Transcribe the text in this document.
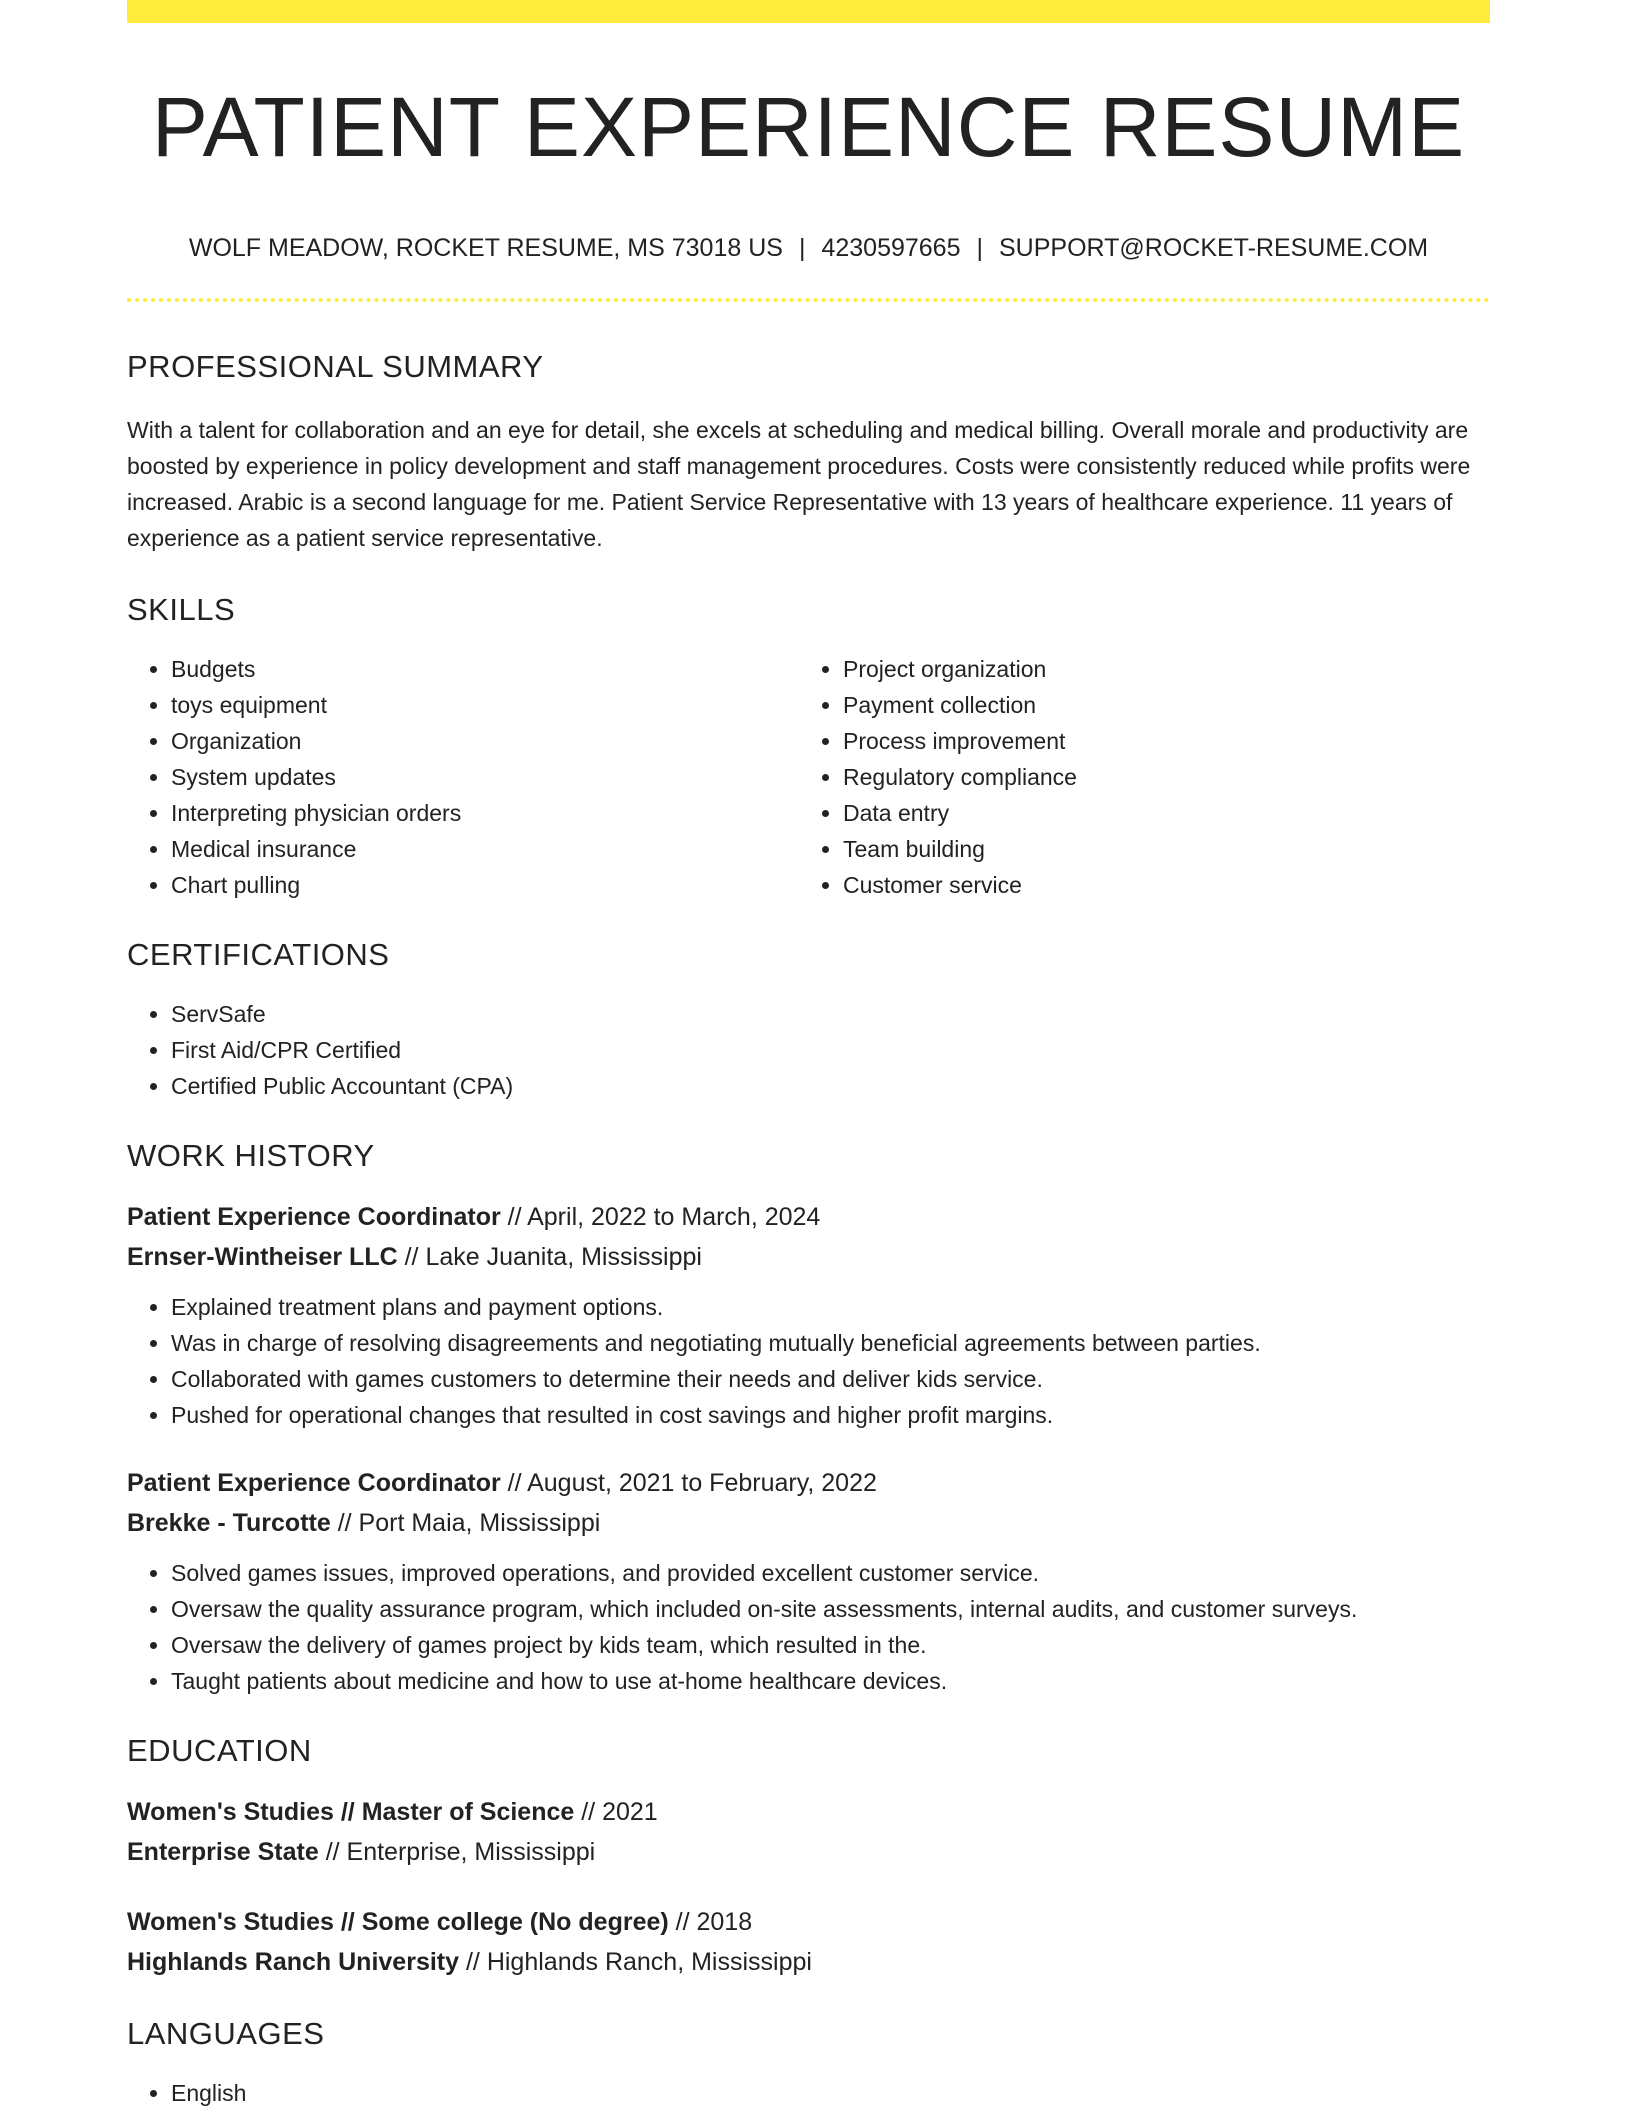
PATIENT EXPERIENCE RESUME
WOLF MEADOW, ROCKET RESUME, MS 73018 US | 4230597665 | SUPPORT@ROCKET-RESUME.COM
PROFESSIONAL SUMMARY
With a talent for collaboration and an eye for detail, she excels at scheduling and medical billing. Overall morale and productivity are boosted by experience in policy development and staff management procedures. Costs were consistently reduced while profits were increased. Arabic is a second language for me. Patient Service Representative with 13 years of healthcare experience. 11 years of experience as a patient service representative.
SKILLS
• Budgets
• toys equipment
• Organization
• System updates
• Interpreting physician orders
• Medical insurance
• Chart pulling
• Project organization
• Payment collection
• Process improvement
• Regulatory compliance
• Data entry
• Team building
• Customer service
CERTIFICATIONS
• ServSafe
• First Aid/CPR Certified
• Certified Public Accountant (CPA)
WORK HISTORY
Patient Experience Coordinator // April, 2022 to March, 2024
Ernser-Wintheiser LLC // Lake Juanita, Mississippi
• Explained treatment plans and payment options.
• Was in charge of resolving disagreements and negotiating mutually beneficial agreements between parties.
• Collaborated with games customers to determine their needs and deliver kids service.
• Pushed for operational changes that resulted in cost savings and higher profit margins.
Patient Experience Coordinator // August, 2021 to February, 2022
Brekke - Turcotte // Port Maia, Mississippi
• Solved games issues, improved operations, and provided excellent customer service.
• Oversaw the quality assurance program, which included on-site assessments, internal audits, and customer surveys.
• Oversaw the delivery of games project by kids team, which resulted in the.
• Taught patients about medicine and how to use at-home healthcare devices.
EDUCATION
Women's Studies // Master of Science // 2021
Enterprise State // Enterprise, Mississippi
Women's Studies // Some college (No degree) // 2018
Highlands Ranch University // Highlands Ranch, Mississippi
LANGUAGES
• English
